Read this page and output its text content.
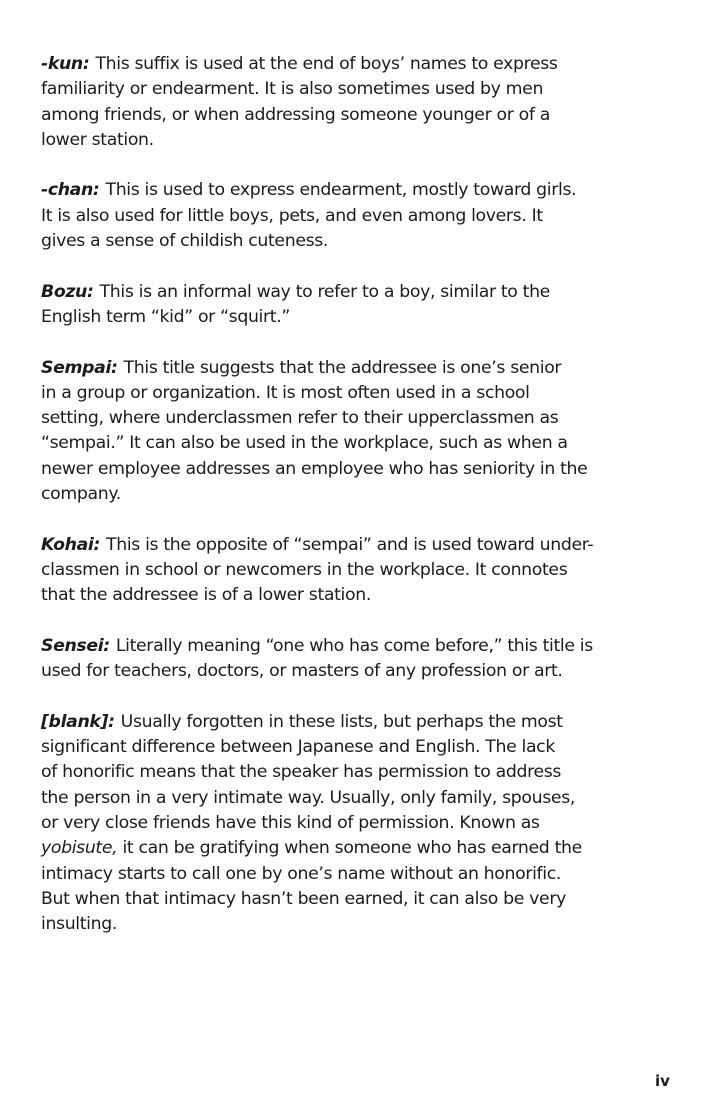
-kun: This suffix is used at the end of boys’ names to express
familiarity or endearment. It is also sometimes used by men
among friends, or when addressing someone younger or of a
lower station.

-chan: This is used to express endearment, mostly toward girls.
It is also used for little boys, pets, and even among lovers. It
gives a sense of childish cuteness.

Bozu: This is an informal way to refer to a boy, similar to the
English term “kid” or “squirt.”

Sempai: This title suggests that the addressee is one’s senior
in a group or organization. It is most often used in a school
setting, where underclassmen refer to their upperclassmen as
“sempai.” It can also be used in the workplace, such as when a
newer employee addresses an employee who has seniority in the
company.

Kohai: This is the opposite of “sempai” and is used toward under-
classmen in school or newcomers in the workplace. It connotes
that the addressee is of a lower station.

Sensei: Literally meaning “one who has come before,” this title is
used for teachers, doctors, or masters of any profession or art.

[blank]: Usually forgotten in these lists, but perhaps the most
significant difference between Japanese and English. The lack
of honorific means that the speaker has permission to address
the person in a very intimate way. Usually, only family, spouses,
or very close friends have this kind of permission. Known as
yobisute, it can be gratifying when someone who has earned the
intimacy starts to call one by one’s name without an honorific.
But when that intimacy hasn’t been earned, it can also be very
insulting.

iv
